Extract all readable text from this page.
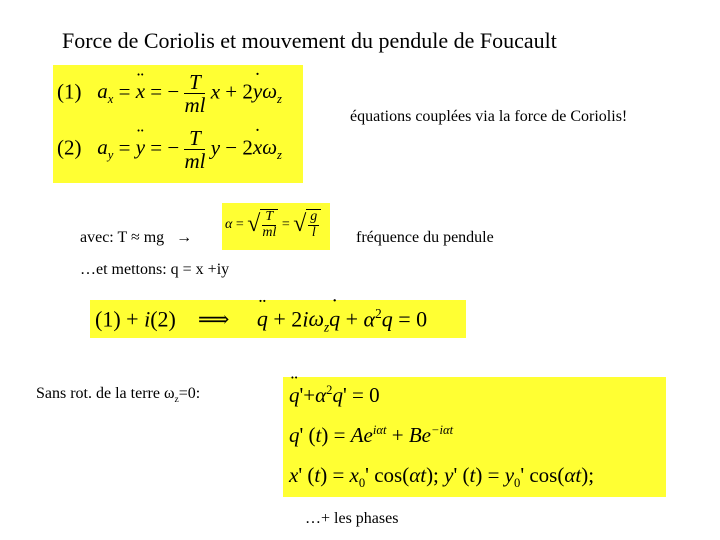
Force de Coriolis et mouvement du pendule de Foucault
(1) $a_x$ = ¨ x = − $\frac{T}{ml}$ x + 2˙ $y\omega_z$
(2) $a_y$ = ¨ y = − $\frac{T}{ml}$ y − 2˙ $x\omega_z$
équations couplées via la force de Coriolis!
avec: T ≈ mg →
α = √ $\frac{T}{ml}$ = √ $\frac{g}{l}$ fréquence du pendule
…et mettons: q = x +iy
(1) + i(2)    ⟹     ¨ $q + 2i\omega_z˙$ $q + \alpha^2q = 0$
Sans rot. de la terre $\omega_z=0$:
¨	$q'+\alpha^2q' = 0$
q' $(t) = Ae^{i\alpha t} + Be^{-i\alpha t}$
x' $(t) = x_0'$ cos(αt); y' $(t) = y_0'$ cos(αt);
…+ les phases
